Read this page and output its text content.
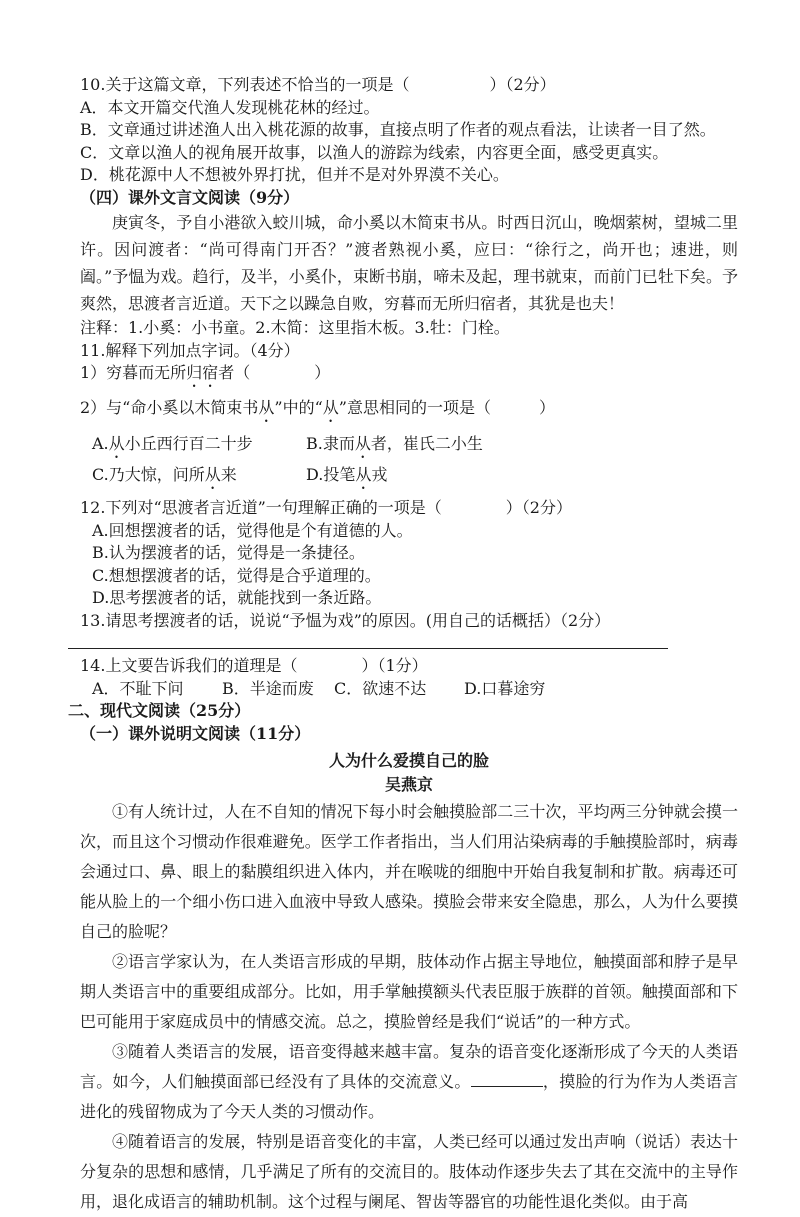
10.关于这篇文章，下列表述不恰当的一项是（　　　　　）（2分）
A．本文开篇交代渔人发现桃花林的经过。
B．文章通过讲述渔人出入桃花源的故事，直接点明了作者的观点看法，让读者一目了然。
C．文章以渔人的视角展开故事，以渔人的游踪为线索，内容更全面，感受更真实。
D．桃花源中人不想被外界打扰，但并不是对外界漠不关心。
（四）课外文言文阅读（9分）
庚寅冬，予自小港欲入蛟川城，命小奚以木简束书从。时西日沉山，晚烟萦树，望城二里许。因问渡者：“尚可得南门开否？”渡者熟视小奚，应曰：“徐行之，尚开也；速进，则阖。”予愠为戏。趋行，及半，小奚仆，束断书崩，啼未及起，理书就束，而前门已牡下矣。予爽然，思渡者言近道。天下之以躁急自败，穷暮而无所归宿者，其犹是也夫！
注释：1.小奚：小书童。2.木简：这里指木板。3.牡：门栓。
11.解释下列加点字词。（4分）
1）穷暮而无所归宿者（　　　　）
2）与“命小奚以木简束书从”中的“从”意思相同的一项是（　　　）
A.从小丘西行百二十步	B.隶而从者，崔氏二小生
C.乃大惊，问所从来	D.投笔从戎
12.下列对“思渡者言近道”一句理解正确的一项是（　　　　）（2分）
A.回想摆渡者的话，觉得他是个有道德的人。
B.认为摆渡者的话，觉得是一条捷径。
C.想想摆渡者的话，觉得是合乎道理的。
D.思考摆渡者的话，就能找到一条近路。
13.请思考摆渡者的话，说说“予愠为戏”的原因。(用自己的话概括）（2分）
14.上文要告诉我们的道理是（　　　　）（1分）
A．不耻下问	B．半途而废	C．欲速不达	D.口暮途穷
二、现代文阅读（25分）
（一）课外说明文阅读（11分）
人为什么爱摸自己的脸
吴燕京
①有人统计过，人在不自知的情况下每小时会触摸脸部二三十次，平均两三分钟就会摸一次，而且这个习惯动作很难避免。医学工作者指出，当人们用沾染病毒的手触摸脸部时，病毒会通过口、鼻、眼上的黏膜组织进入体内，并在喉咙的细胞中开始自我复制和扩散。病毒还可能从脸上的一个细小伤口进入血液中导致人感染。摸脸会带来安全隐患，那么，人为什么要摸自己的脸呢？
②语言学家认为，在人类语言形成的早期，肢体动作占据主导地位，触摸面部和脖子是早期人类语言中的重要组成部分。比如，用手掌触摸额头代表臣服于族群的首领。触摸面部和下巴可能用于家庭成员中的情感交流。总之，摸脸曾经是我们“说话”的一种方式。
③随着人类语言的发展，语音变得越来越丰富。复杂的语音变化逐渐形成了今天的人类语言。如今，人们触摸面部已经没有了具体的交流意义。	，摸脸的行为作为人类语言进化的残留物成为了今天人类的习惯动作。
④随着语言的发展，特别是语音变化的丰富，人类已经可以通过发出声响（说话）表达十分复杂的思想和感情，几乎满足了所有的交流目的。肢体动作逐步失去了其在交流中的主导作用，退化成语言的辅助机制。这个过程与阑尾、智齿等器官的功能性退化类似。由于高
